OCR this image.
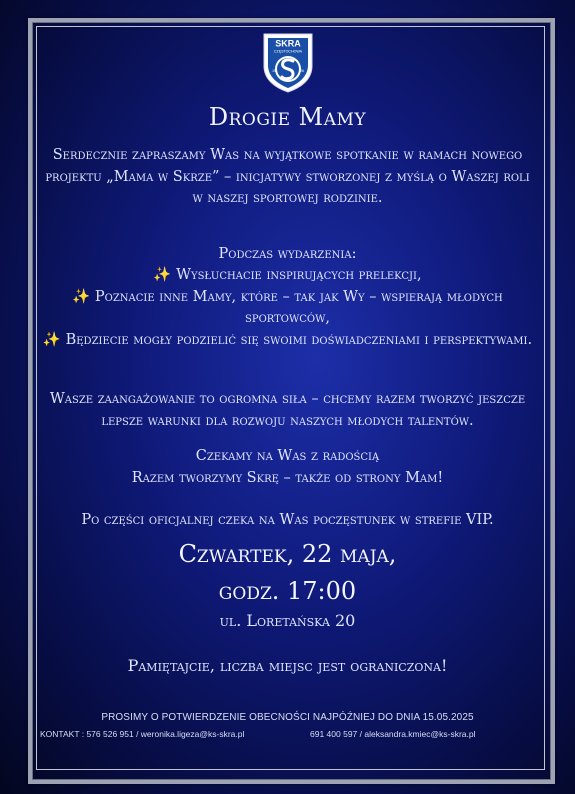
SKRA
CZĘSTOCHOWA
19	26
Drogie Mamy
Serdecznie zapraszamy Was na wyjątkowe spotkanie w ramach nowego projektu „Mama w Skrze” – inicjatywy stworzonej z myślą o Waszej roli w naszej sportowej rodzinie.
Podczas wydarzenia:
✨ Wysłuchacie inspirujących prelekcji,
✨ Poznacie inne Mamy, które – tak jak Wy – wspierają młodych sportowców,
✨ Będziecie mogły podzielić się swoimi doświadczeniami i perspektywami.
Wasze zaangażowanie to ogromna siła – chcemy razem tworzyć jeszcze lepsze warunki dla rozwoju naszych młodych talentów.
Czekamy na Was z radością
Razem tworzymy Skrę – także od strony Mam!
Po części oficjalnej czeka na Was poczęstunek w strefie VIP.
Czwartek, 22 maja,
godz. 17:00
ul. Loretańska 20
Pamiętajcie, liczba miejsc jest ograniczona!
PROSIMY O POTWIERDZENIE OBECNOŚCI NAJPÓŹNIEJ DO DNIA 15.05.2025
KONTAKT : 576 526 951 / weronika.ligeza@ks-skra.pl	691 400 597 / aleksandra.kmiec@ks-skra.pl
